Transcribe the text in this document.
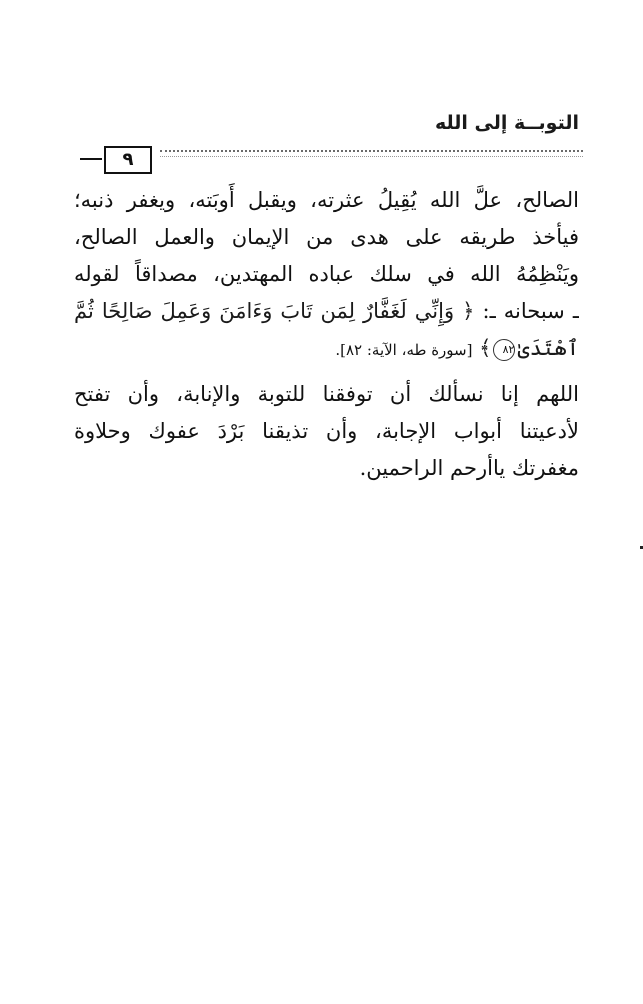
التوبــة إلى الله
٩
الصالح، علَّ الله يُقِيلُ عثرته، ويقبل أَوبَته، ويغفر ذنبه؛
فيأخذ طريقه على هدى من الإيمان والعمل الصالح،
ويَنْظِمُهُ الله في سلك عباده المهتدين، مصداقاً لقوله
ـ سبحانه ـ: ﴿ وَإِنِّي لَغَفَّارٌ لِمَن تَابَ وَءَامَنَ وَعَمِلَ صَالِحًا ثُمَّ
ٱهْتَدَىٰ٨٢﴾ [سورة طه، الآية: ٨٢].
اللهم إنا نسألك أن توفقنا للتوبة والإنابة، وأن تفتح
لأدعيتنا أبواب الإجابة، وأن تذيقنا بَرْدَ عفوك وحلاوة
مغفرتك ياأرحم الراحمين.
